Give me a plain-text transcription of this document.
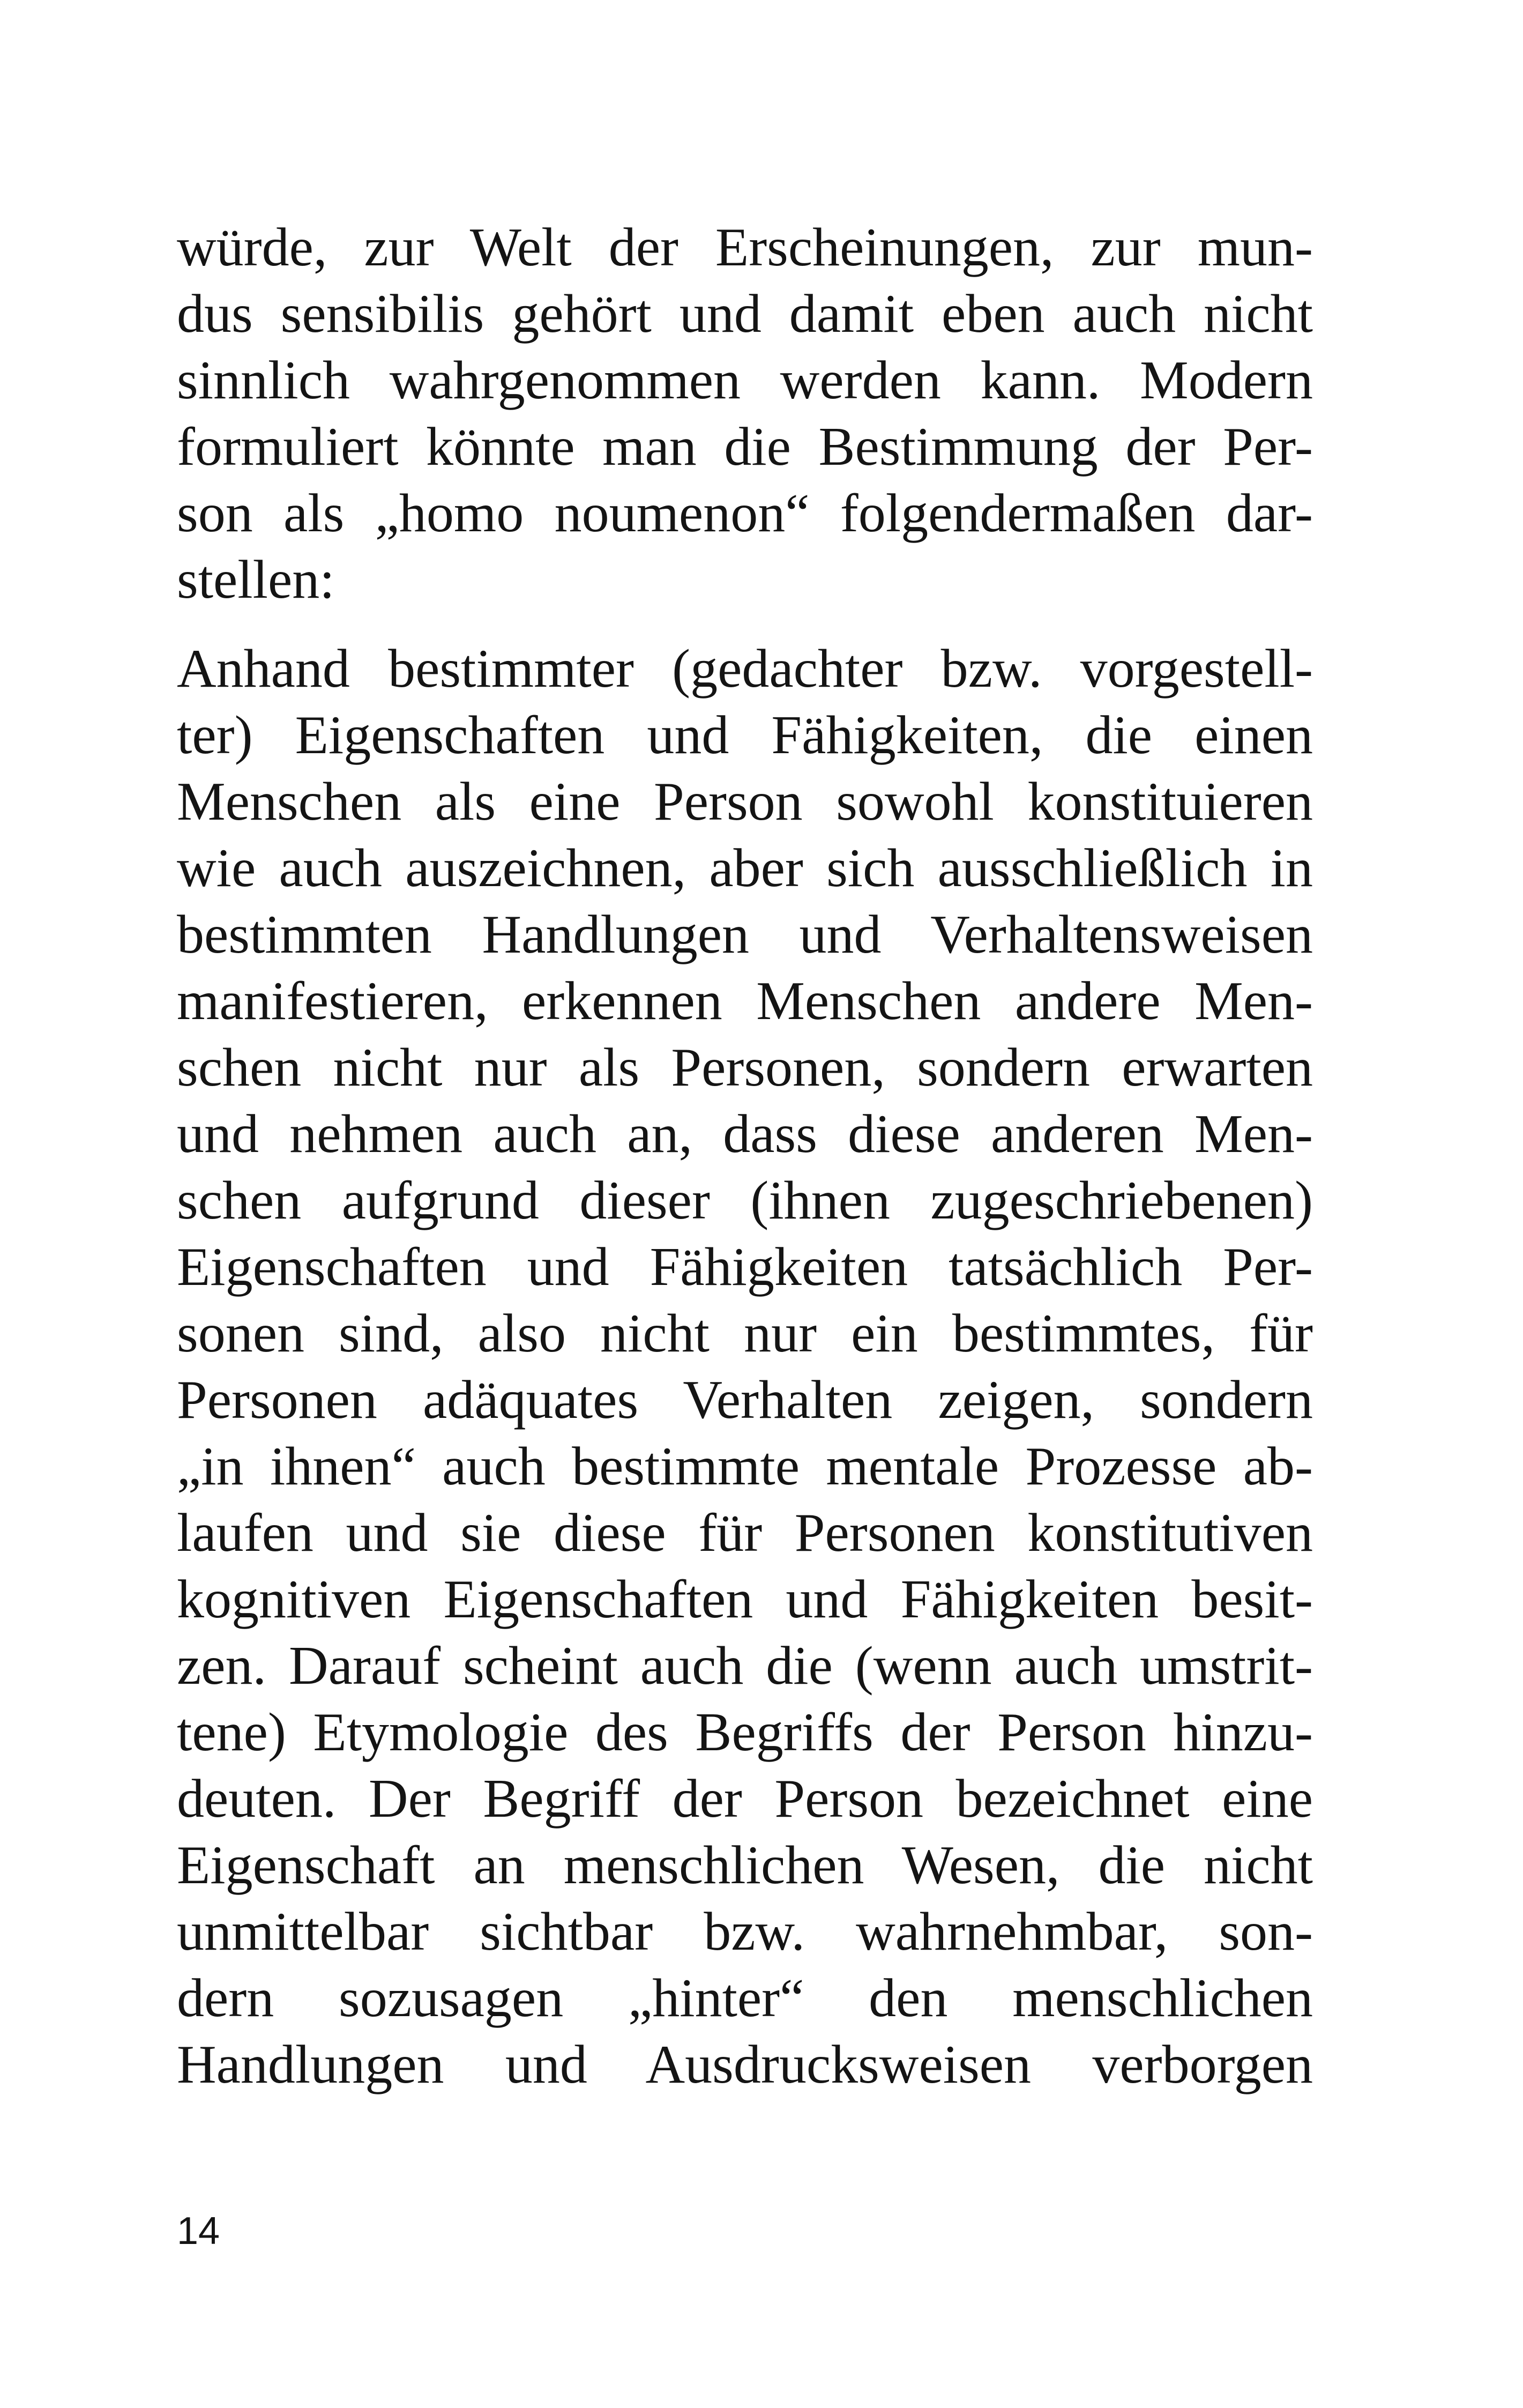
würde, zur Welt der Erscheinungen, zur mun-
dus sensibilis gehört und damit eben auch nicht
sinnlich wahrgenommen werden kann. Modern
formuliert könnte man die Bestimmung der Per-
son als „homo noumenon“ folgendermaßen dar-
stellen:

Anhand bestimmter (gedachter bzw. vorgestell-
ter) Eigenschaften und Fähigkeiten, die einen
Menschen als eine Person sowohl konstituieren
wie auch auszeichnen, aber sich ausschließlich in
bestimmten Handlungen und Verhaltensweisen
manifestieren, erkennen Menschen andere Men-
schen nicht nur als Personen, sondern erwarten
und nehmen auch an, dass diese anderen Men-
schen aufgrund dieser (ihnen zugeschriebenen)
Eigenschaften und Fähigkeiten tatsächlich Per-
sonen sind, also nicht nur ein bestimmtes, für
Personen adäquates Verhalten zeigen, sondern
„in ihnen“ auch bestimmte mentale Prozesse ab-
laufen und sie diese für Personen konstitutiven
kognitiven Eigenschaften und Fähigkeiten besit-
zen. Darauf scheint auch die (wenn auch umstrit-
tene) Etymologie des Begriffs der Person hinzu-
deuten. Der Begriff der Person bezeichnet eine
Eigenschaft an menschlichen Wesen, die nicht
unmittelbar sichtbar bzw. wahrnehmbar, son-
dern sozusagen „hinter“ den menschlichen
Handlungen und Ausdrucksweisen verborgen

14
